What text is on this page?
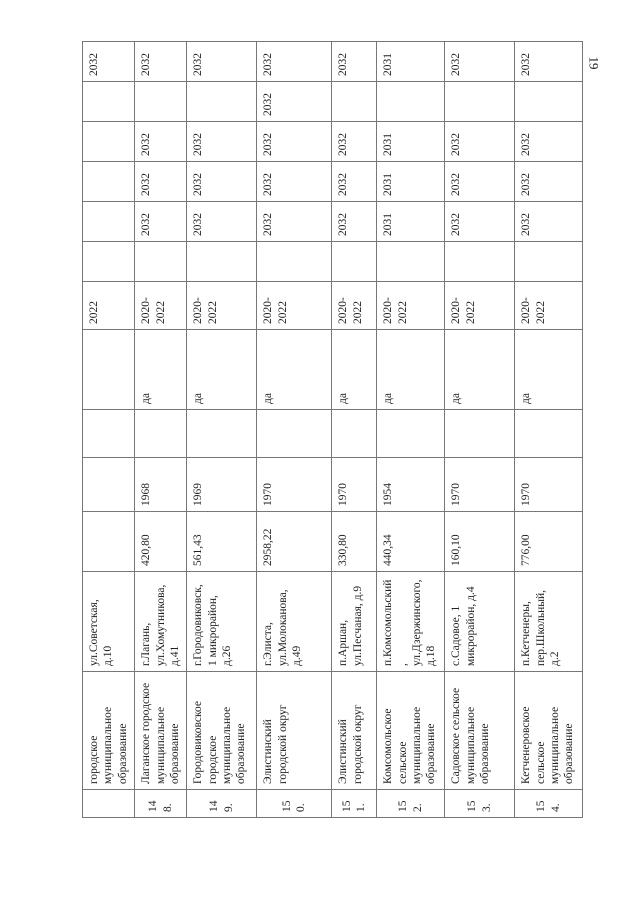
19
	городское муниципальное образование	ул.Советская, д.10					2022						2032
148.	Лаганское городское муниципальное образование	г.Лагань, ул.Хомутникова, д.41	420,80	1968		да	2020-2022		2032	2032	2032		2032
149.	Городовиковское городское муниципальное образование	г.Городовиковск, 1 микрорайон, д.26	561,43	1969		да	2020-2022		2032	2032	2032		2032
150.	Элистинский городской округ	г.Элиста, ул.Молоканова, д.49	2958,22	1970		да	2020-2022		2032	2032	2032	2032	2032
151.	Элистинский городской округ	п.Аршан, ул.Песчаная, д.9	330,80	1970		да	2020-2022		2032	2032	2032		2032
152.	Комсомольское сельское муниципальное образование	п.Комсомольский, ул.Дзержинского, д.18	440,34	1954		да	2020-2022		2031	2031	2031		2031
153.	Садовское сельское муниципальное образование	с.Садовое, 1 микрорайон, д.4	160,10	1970		да	2020-2022		2032	2032	2032		2032
154.	Кетченеровское сельское муниципальное образование	п.Кетченеры, пер.Школьный, д.2	776,00	1970		да	2020-2022		2032	2032	2032		2032
